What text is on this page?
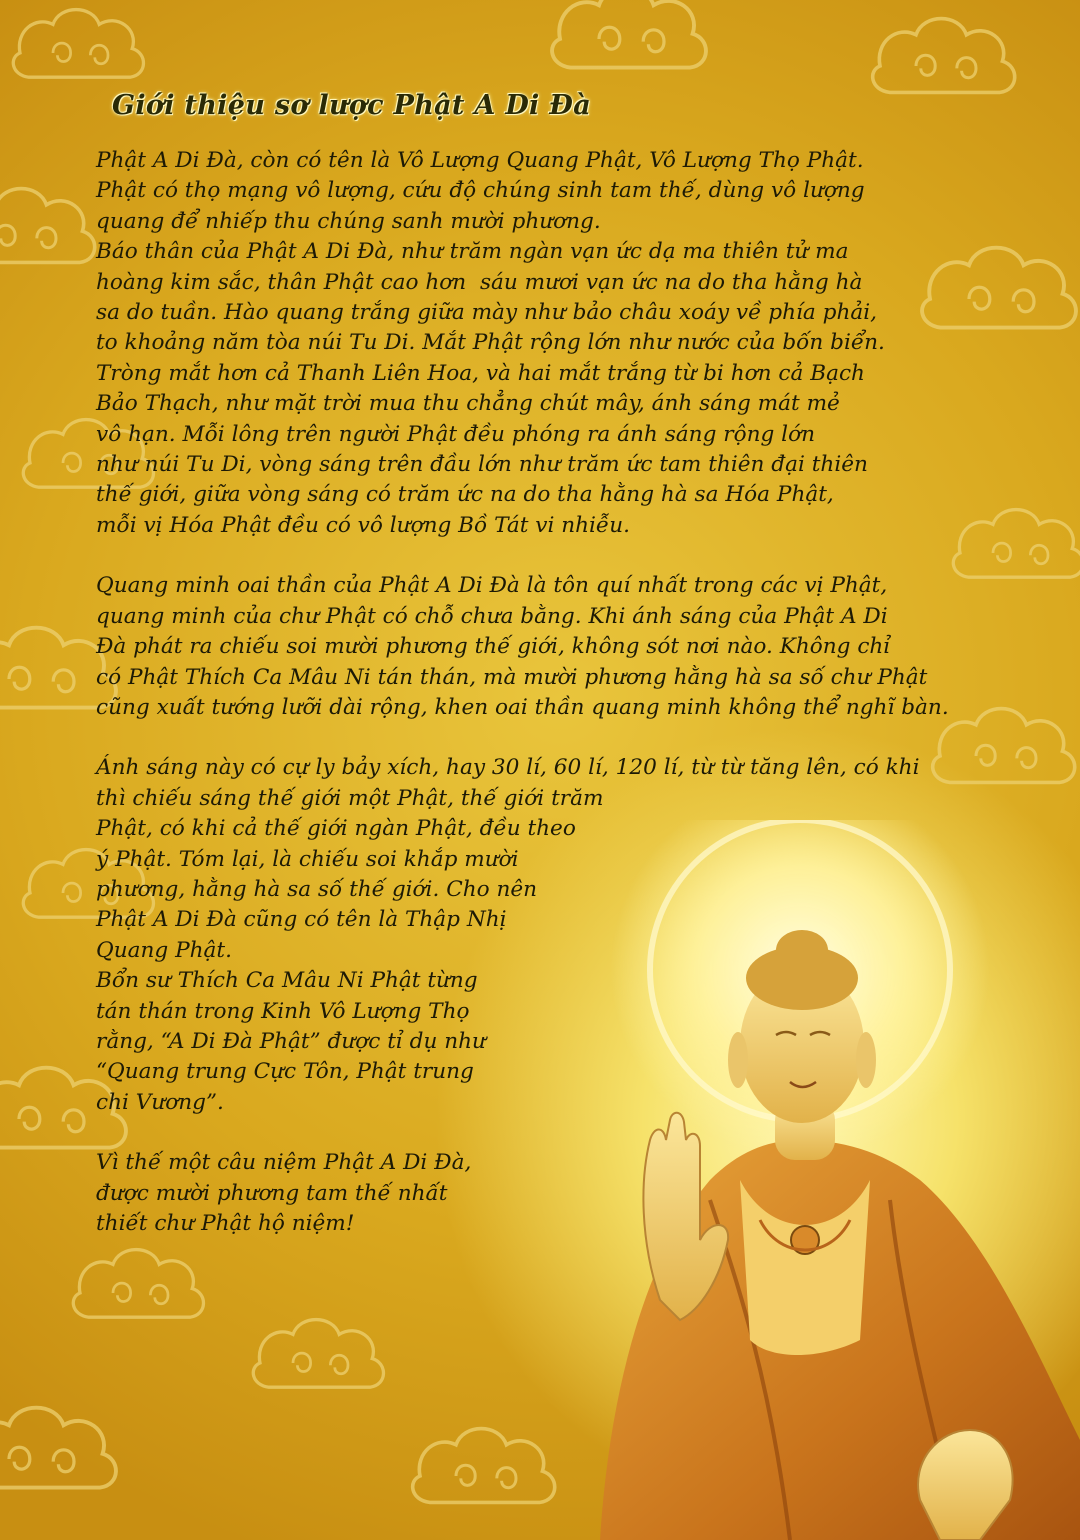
Giới thiệu sơ lược Phật A Di Đà

Phật A Di Đà, còn có tên là Vô Lượng Quang Phật, Vô Lượng Thọ Phật.
Phật có thọ mạng vô lượng, cứu độ chúng sinh tam thế, dùng vô lượng
quang để nhiếp thu chúng sanh mười phương.
Báo thân của Phật A Di Đà, như trăm ngàn vạn ức dạ ma thiên tử ma
hoàng kim sắc, thân Phật cao hơn  sáu mươi vạn ức na do tha hằng hà
sa do tuần. Hào quang trắng giữa mày như bảo châu xoáy về phía phải,
to khoảng năm tòa núi Tu Di. Mắt Phật rộng lớn như nước của bốn biển.
Tròng mắt hơn cả Thanh Liên Hoa, và hai mắt trắng từ bi hơn cả Bạch
Bảo Thạch, như mặt trời mua thu chẳng chút mây, ánh sáng mát mẻ
vô hạn. Mỗi lông trên người Phật đều phóng ra ánh sáng rộng lớn
như núi Tu Di, vòng sáng trên đầu lớn như trăm ức tam thiên đại thiên
thế giới, giữa vòng sáng có trăm ức na do tha hằng hà sa Hóa Phật,
mỗi vị Hóa Phật đều có vô lượng Bồ Tát vi nhiễu.

Quang minh oai thần của Phật A Di Đà là tôn quí nhất trong các vị Phật,
quang minh của chư Phật có chỗ chưa bằng. Khi ánh sáng của Phật A Di
Đà phát ra chiếu soi mười phương thế giới, không sót nơi nào. Không chỉ
có Phật Thích Ca Mâu Ni tán thán, mà mười phương hằng hà sa số chư Phật
cũng xuất tướng lưỡi dài rộng, khen oai thần quang minh không thể nghĩ bàn.

Ánh sáng này có cự ly bảy xích, hay 30 lí, 60 lí, 120 lí, từ từ tăng lên, có khi
thì chiếu sáng thế giới một Phật, thế giới trăm
Phật, có khi cả thế giới ngàn Phật, đều theo
ý Phật. Tóm lại, là chiếu soi khắp mười
phương, hằng hà sa số thế giới. Cho nên
Phật A Di Đà cũng có tên là Thập Nhị
Quang Phật.
Bổn sư Thích Ca Mâu Ni Phật từng
tán thán trong Kinh Vô Lượng Thọ
rằng, “A Di Đà Phật” được tỉ dụ như
“Quang trung Cực Tôn, Phật trung
chi Vương”.

Vì thế một câu niệm Phật A Di Đà,
được mười phương tam thế nhất
thiết chư Phật hộ niệm!
